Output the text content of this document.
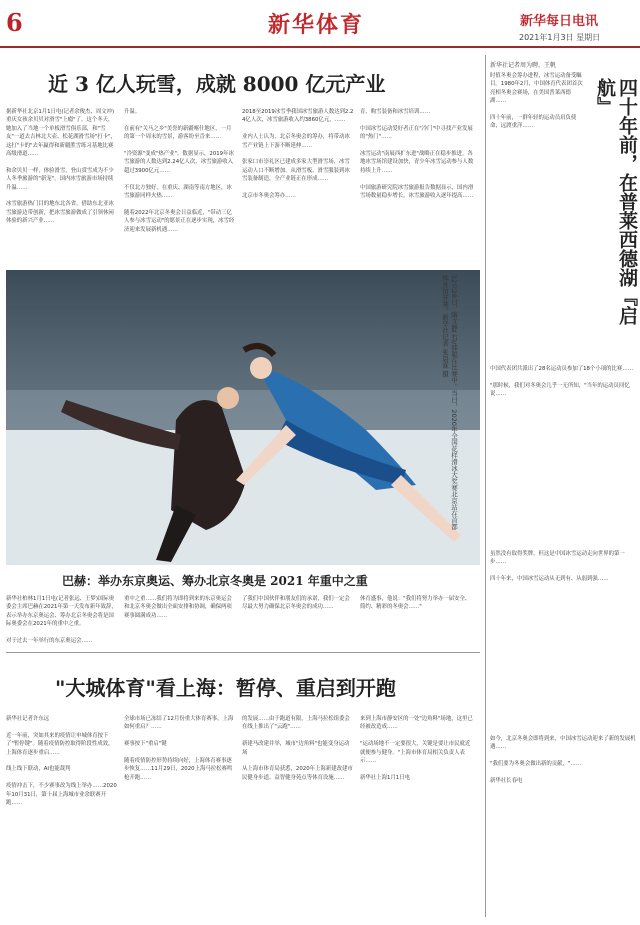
6	新华体育	新华每日电讯
2021年1月3日 星期日
近 3 亿人玩雪，成就 8000 亿元产业
据新华社北京1月1日电(记者余俊杰、周文冲)重庆女孩余贝贝对滑雪"上瘾"了。这个冬天，她加入了当地一个单板滑雪俱乐部，和"雪友"一道去吉林北大壶、松花湖滑雪场"打卡"，这打"卡的"去年赢得和新疆胜雪练习基地比赛高级滑道……

和余贝贝一样，体验滑雪，登山赏雪成为不少人冬季旅游的"新宠"。国内冰雪旅游市场持续升温……

冰雪旅游热门目的地东北各省，借助东北亚冰雪旅游边带创新，把冰雪旅游做成了引领休闲体验的新兴产业……
升温。

在前有"关马之乡"美誉的新疆喀什地区，一月的第一个周末的雪景，游客纷至沓来……

"冷资源"变成"热产业"。数据显示，2019年冰雪旅游的人数达到2.24亿人次，冰雪旅游收入超过3900亿元……

不仅北方独好，在重庆、湖南等南方地区，冰雪旅游同样火热……

随着2022年北京冬奥会日益临近，"带动三亿人参与冰雪运动"的愿景正在逐步实现，冰雪经济迎来发展新机遇……
2018至2019冰雪季我国冰雪旅游人数达到2.24亿人次，冰雪旅游收入约3860亿元，……

业内人士认为，北京冬奥会的筹办，将带动冰雪产业链上下游不断延伸……

张家口市崇礼区已建成多家大型滑雪场，冰雪运动人口不断增加。从滑雪板、滑雪服装到冰雪装备制造，全产业链正在形成……

北京市冬奥会筹办……
育，购雪装备和冰雪培训……

中国冰雪运动爱好者正在"冷门"中寻找产业发展的"热门"……

冰雪运动"南展西扩东进"战略正在稳步推进。各地冰雪场馆建设加快，青少年冰雪运动参与人数持续上升……

中国旅游研究院冰雪旅游报告数据显示，国内滑雪场数量稳步增长，冰雪旅游收入逐年提高……
12月28日，隋文静(右)/韩聪在比赛中。当日，2020年全国花样滑冰大奖赛北京站在首都体育馆开赛。新华社记者 张晨霖 摄
巴赫：举办东京奥运、筹办北京冬奥是 2021 年重中之重
新华社柏林1月1日电(记者张远、王梦)国际奥委会主席巴赫在2021年第一天发布新年致辞，表示举办东京奥运会、筹办北京冬奥会将是国际奥委会在2021年的重中之重。

对于过去一年举行的东京奥运会……
重中之重……我们将为即将到来的东京奥运会和北京冬奥会做出全面安排和协调，确保两项赛事圆满成功……
了我们中国伙伴和朋友们的承诺，我们一定会尽最大努力确保北京冬奥会的成功……
体育盛事，他说："我们将努力举办一届安全、简约、精彩的冬奥会……"
"大城体育"看上海：暂停、重启到开跑
新华社记者许东远

近一年前，突如其来的疫情让申城体育按下了"暂停键"。随着疫情防控取得阶段性成效，上海体育逐步重启……

线上线下联动，AI也能裁判

疫情冲击下，不少赛事改为线上举办……2020年10月31日，第十届上海城市业余联赛开跑……
全球市场已冻结了12月份重大体育赛事，上海如何重启？……

赛事按下"重启"键

随着疫情防控形势持续向好，上海体育赛事逐步恢复……11月29日，2020上海马拉松赛鸣枪开跑……
的发展……由于跑道有限，上海马拉松组委会在线上推出了"云跑"……

新建马改建并举，城市"边角料"也能变身运动场

从上海市体育局获悉，2020年上海新建改建市民健身步道、益智健身苑点等体育设施……
来到上海市静安区的一处"边角料"场地，这里已经被改造成……

"运动场地不一定要很大，关键是要让市民就近就便参与健身。"上海市体育局相关负责人表示……

新华社上海1月1日电
新华社记者周为聘、王帆
四十年前，在普莱西德湖『启航』
时值冬奥会筹办进程，冰雪运动备受瞩目。1980年2月，中国体育代表团首次亮相冬奥会赛场，在美国普莱西德湖……

四十年前，一群年轻的运动员肩负使命，远渡重洋……
中国代表团共派出了28名运动员参加了18个小项的比赛……

"那时候，我们对冬奥会几乎一无所知，"当年的运动员回忆说……
虽然没有取得奖牌，但这是中国冰雪运动走向世界的第一步……

四十年来，中国冰雪运动从无到有、从弱到强……
如今，北京冬奥会即将到来，中国冰雪运动迎来了新的发展机遇……

"我们要为冬奥会做出新的贡献，"……

新华社长春电
